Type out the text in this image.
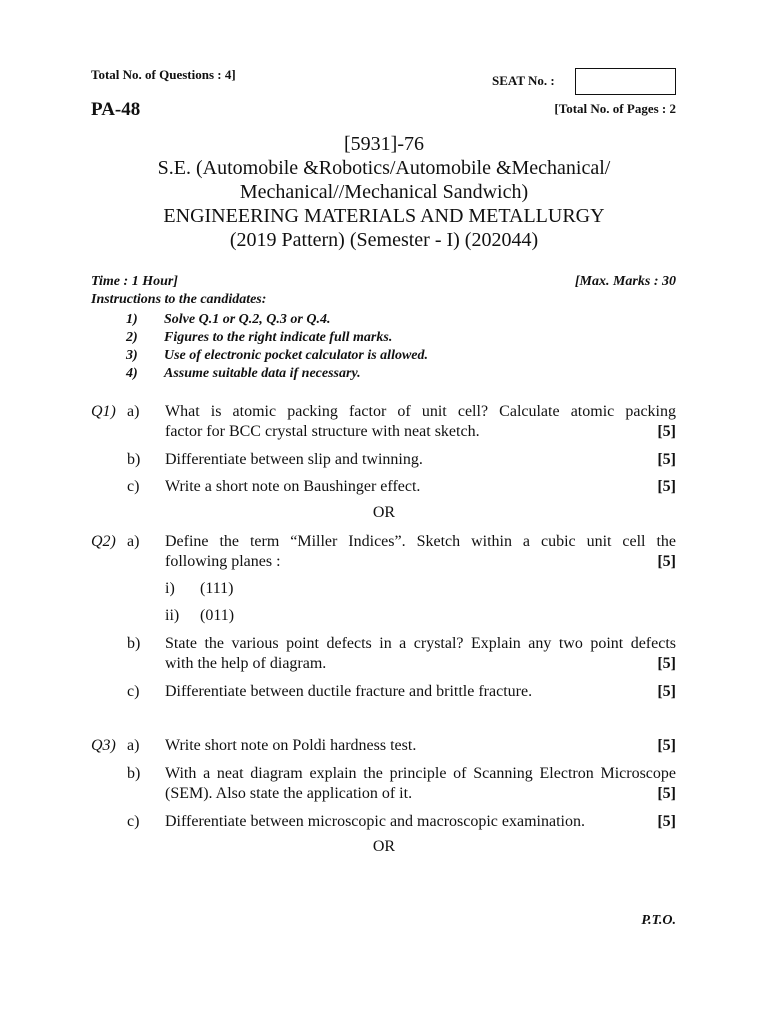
Total No. of Questions : 4]	SEAT No. :
PA-48	[Total No. of Pages : 2
[5931]-76
S.E. (Automobile &Robotics/Automobile &Mechanical/
Mechanical//Mechanical Sandwich)
ENGINEERING MATERIALS AND METALLURGY
(2019 Pattern) (Semester - I) (202044)
Time : 1 Hour]	[Max. Marks : 30
Instructions to the candidates:
1)	Solve Q.1 or Q.2, Q.3 or Q.4.
2)	Figures to the right indicate full marks.
3)	Use of electronic pocket calculator is allowed.
4)	Assume suitable data if necessary.
Q1) a) What is atomic packing factor of unit cell? Calculate atomic packing
factor for BCC crystal structure with neat sketch.	[5]
b) Differentiate between slip and twinning.	[5]
c) Write a short note on Baushinger effect.	[5]
OR
Q2) a) Define the term “Miller Indices”. Sketch within a cubic unit cell the
following planes :	[5]
i) (111)
ii) (011)
b) State the various point defects in a crystal? Explain any two point defects
with the help of diagram.	[5]
c) Differentiate between ductile fracture and brittle fracture.	[5]
Q3) a) Write short note on Poldi hardness test.	[5]
b) With a neat diagram explain the principle of Scanning Electron Microscope
(SEM). Also state the application of it.	[5]
c) Differentiate between microscopic and macroscopic examination.	[5]
OR
P.T.O.
